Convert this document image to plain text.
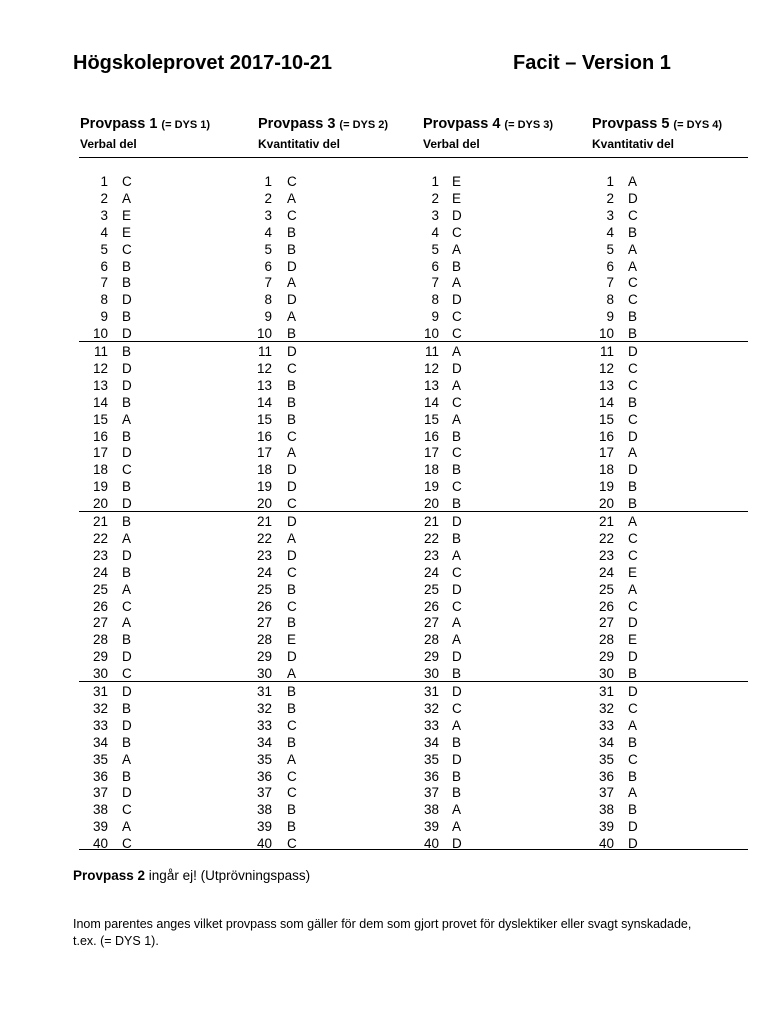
Högskoleprovet 2017-10-21	Facit – Version 1
Provpass 1 (= DYS 1)
Verbal del
Provpass 3 (= DYS 2)
Kvantitativ del
Provpass 4 (= DYS 3)
Verbal del
Provpass 5 (= DYS 4)
Kvantitativ del
Provpass 2 ingår ej! (Utprövningspass)
Inom parentes anges vilket provpass som gäller för dem som gjort provet för dyslektiker eller svagt synskadade, t.ex. (= DYS 1).
1 C
2 A
3 E
4 E
5 C
6 B
7 B
8 D
9 B
10 D
11 B
12 D
13 D
14 B
15 A
16 B
17 D
18 C
19 B
20 D
21 B
22 A
23 D
24 B
25 A
26 C
27 A
28 B
29 D
30 C
31 D
32 B
33 D
34 B
35 A
36 B
37 D
38 C
39 A
40 C
1 C
2 A
3 C
4 B
5 B
6 D
7 A
8 D
9 A
10 B
11 D
12 C
13 B
14 B
15 B
16 C
17 A
18 D
19 D
20 C
21 D
22 A
23 D
24 C
25 B
26 C
27 B
28 E
29 D
30 A
31 B
32 B
33 C
34 B
35 A
36 C
37 C
38 B
39 B
40 C
1 E
2 E
3 D
4 C
5 A
6 B
7 A
8 D
9 C
10 C
11 A
12 D
13 A
14 C
15 A
16 B
17 C
18 B
19 C
20 B
21 D
22 B
23 A
24 C
25 D
26 C
27 A
28 A
29 D
30 B
31 D
32 C
33 A
34 B
35 D
36 B
37 B
38 A
39 A
40 D
1 A
2 D
3 C
4 B
5 A
6 A
7 C
8 C
9 B
10 B
11 D
12 C
13 C
14 B
15 C
16 D
17 A
18 D
19 B
20 B
21 A
22 C
23 C
24 E
25 A
26 C
27 D
28 E
29 D
30 B
31 D
32 C
33 A
34 B
35 C
36 B
37 A
38 B
39 D
40 D
